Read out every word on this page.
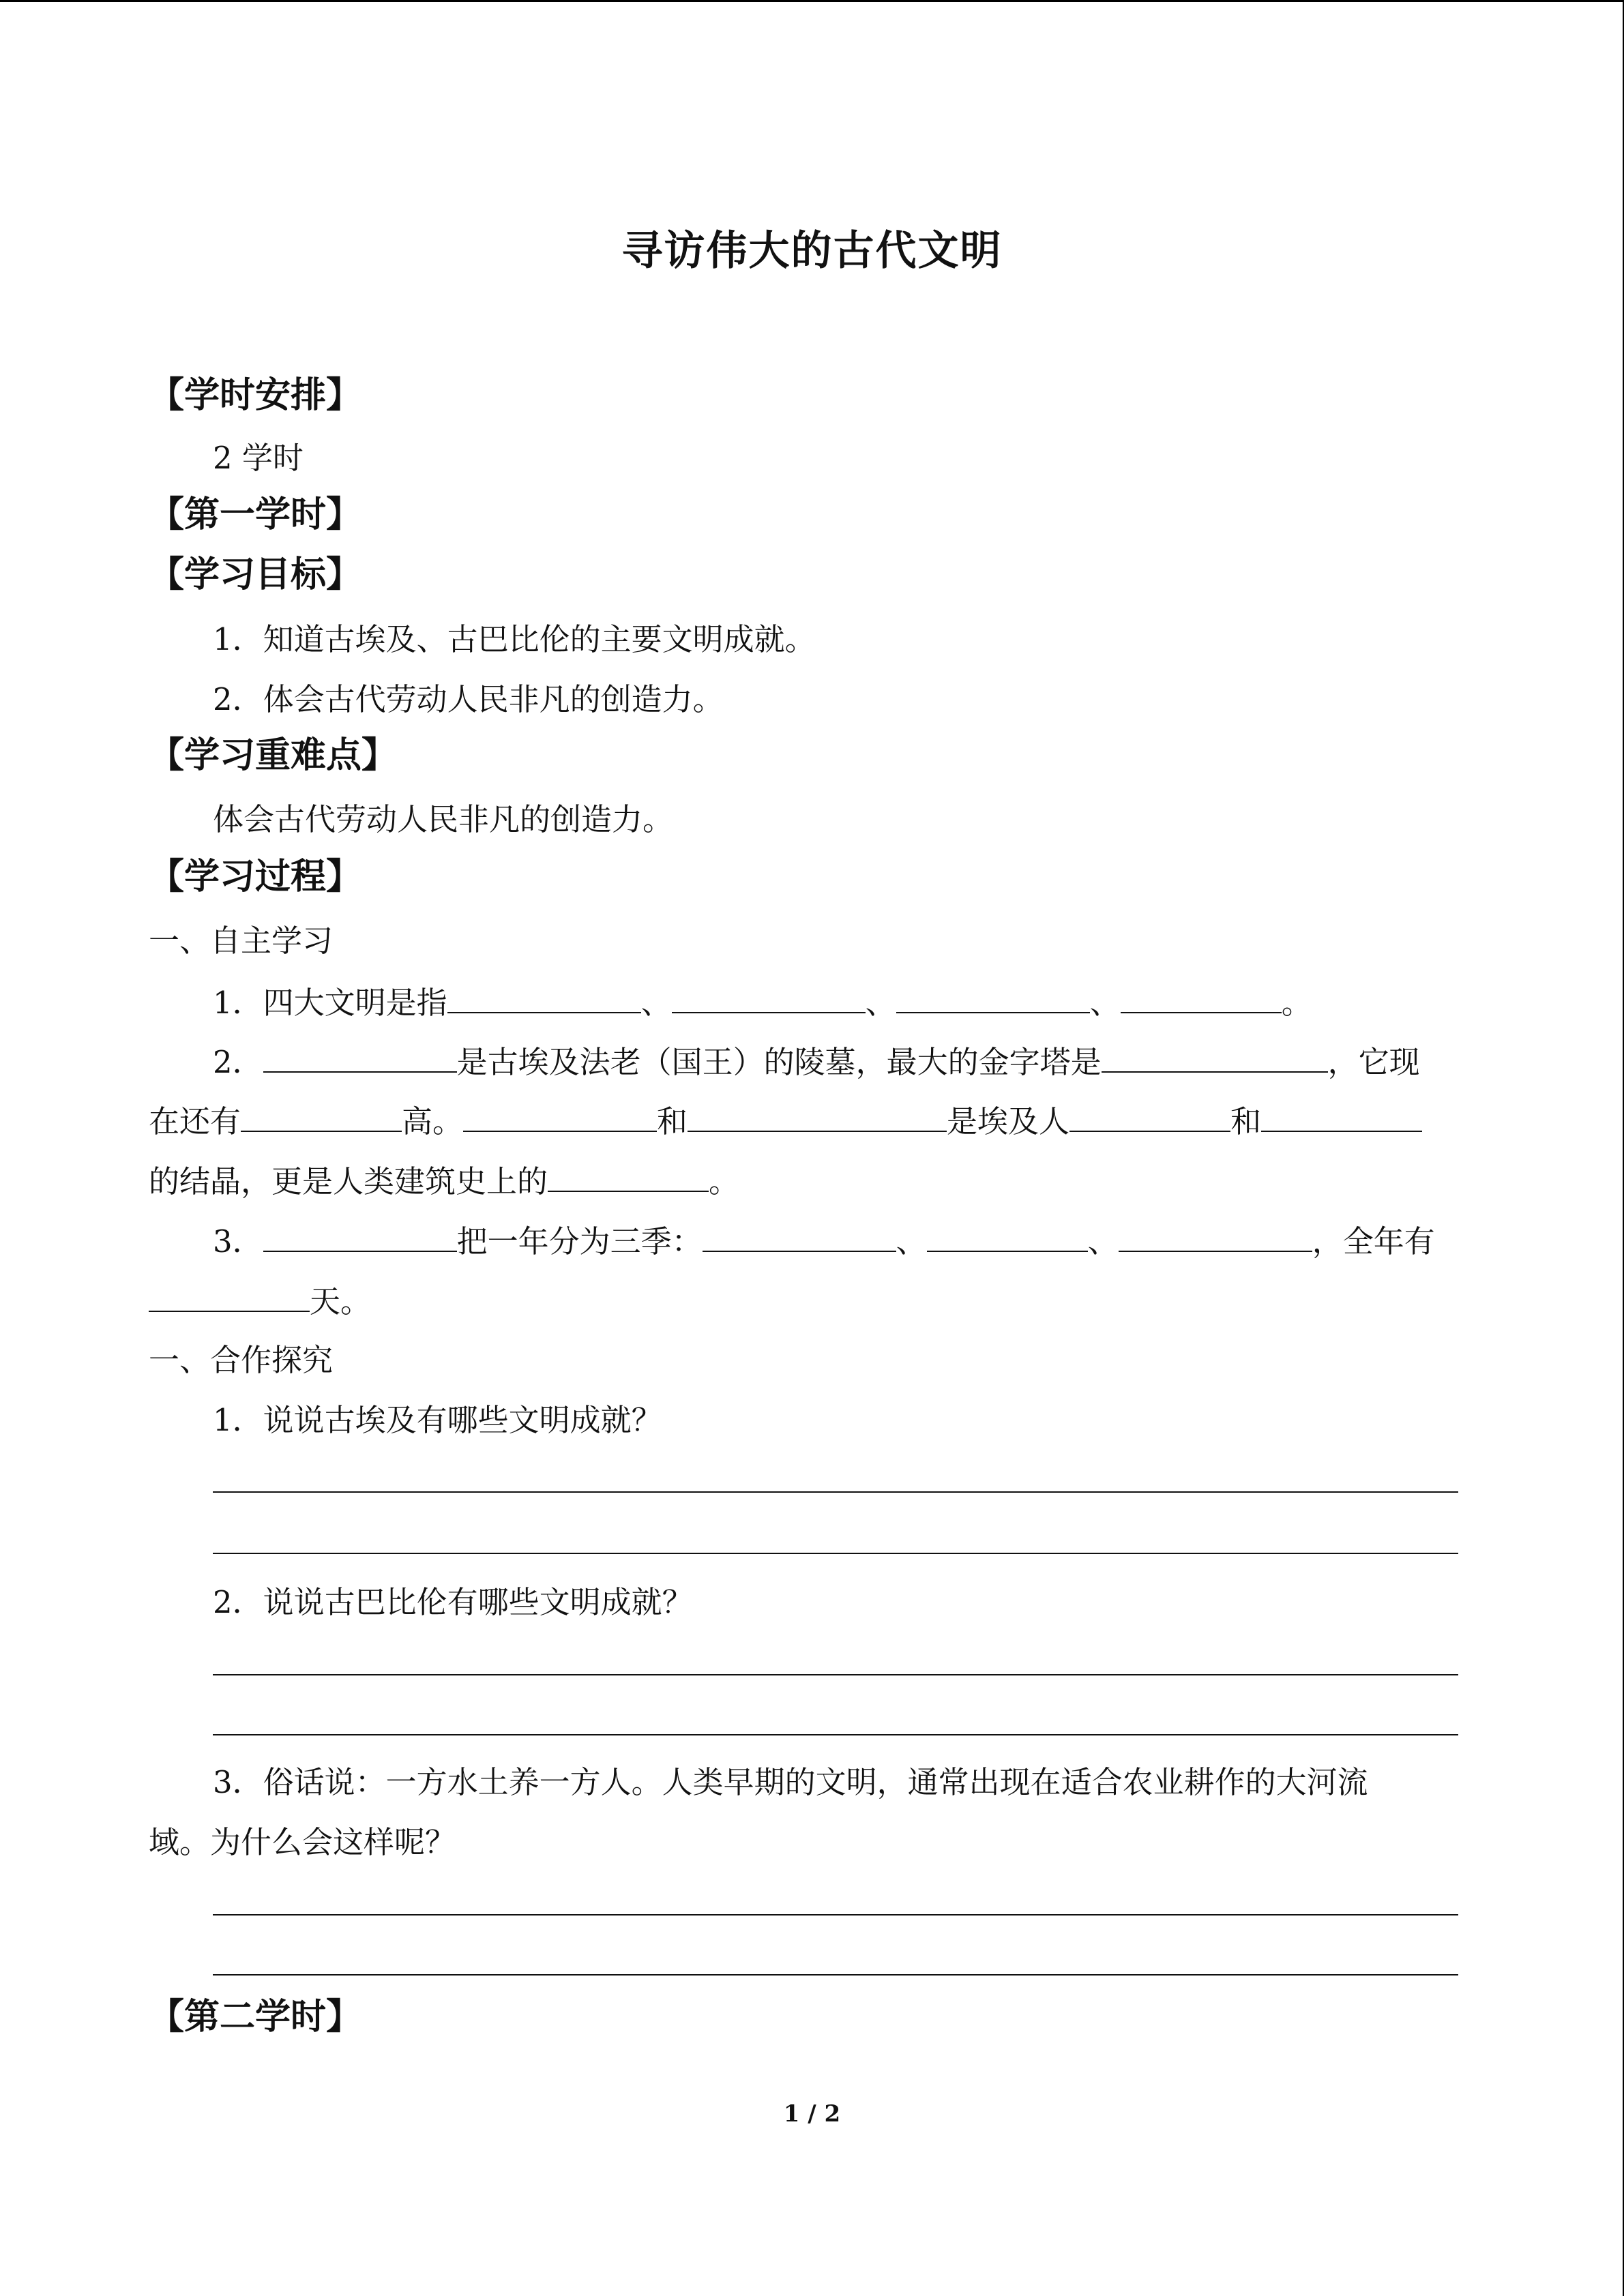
寻访伟大的古代文明
【学时安排】
2 学时
【第一学时】
【学习目标】
1．知道古埃及、古巴比伦的主要文明成就。
2．体会古代劳动人民非凡的创造力。
【学习重难点】
体会古代劳动人民非凡的创造力。
【学习过程】
一、自主学习
1．四大文明是指	、	、	、	。
2．	是古埃及法老（国王）的陵墓，最大的金字塔是	，它现
在还有	高。	和	是埃及人	和
的结晶，更是人类建筑史上的	。
3．	把一年分为三季：	、	、	，全年有
天。
一、合作探究
1．说说古埃及有哪些文明成就？
2．说说古巴比伦有哪些文明成就？
3．俗话说：一方水土养一方人。人类早期的文明，通常出现在适合农业耕作的大河流
域。为什么会这样呢？
【第二学时】
1 / 2
